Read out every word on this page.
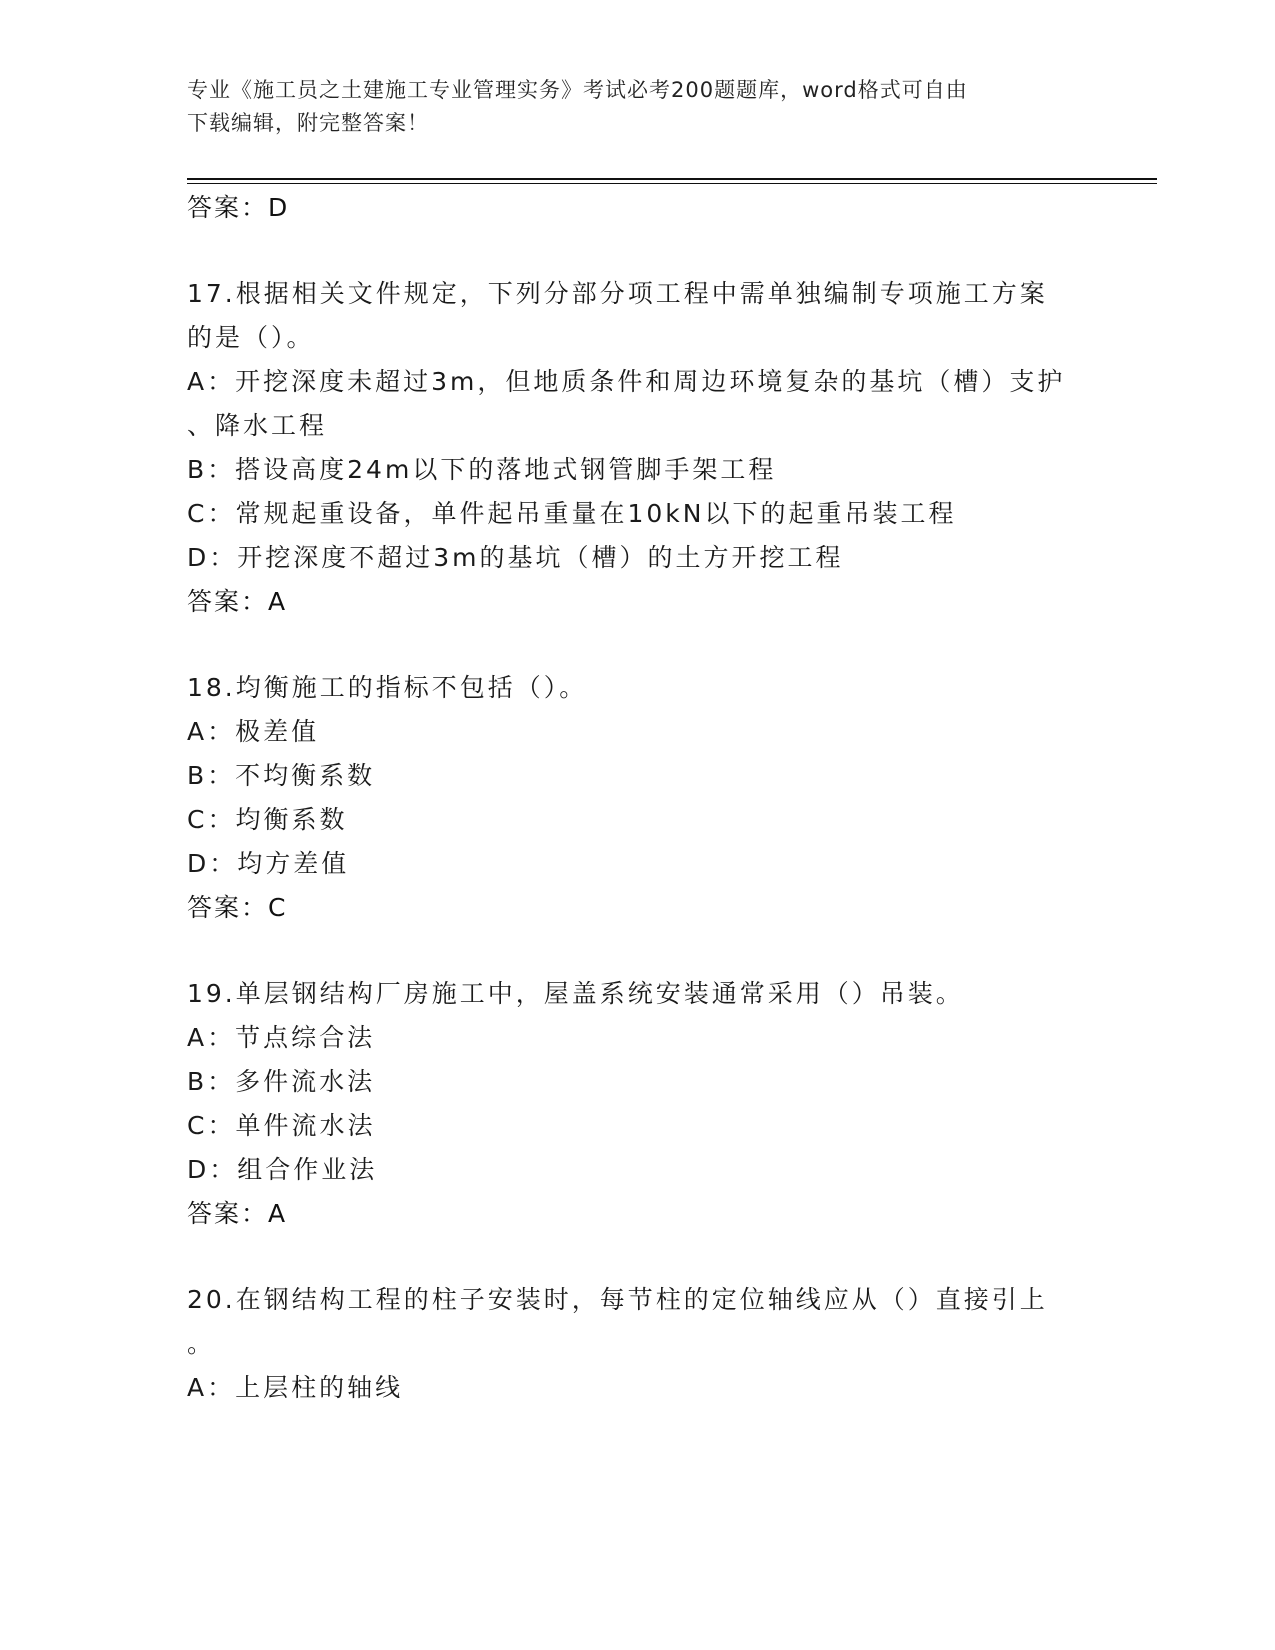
专业《施工员之土建施工专业管理实务》考试必考200题题库，word格式可自由
下载编辑，附完整答案！
答案：D
17.根据相关文件规定，下列分部分项工程中需单独编制专项施工方案
的是（）。
A：开挖深度未超过3m，但地质条件和周边环境复杂的基坑（槽）支护
、降水工程
B：搭设高度24m以下的落地式钢管脚手架工程
C：常规起重设备，单件起吊重量在10kN以下的起重吊装工程
D：开挖深度不超过3m的基坑（槽）的土方开挖工程
答案：A
18.均衡施工的指标不包括（）。
A：极差值
B：不均衡系数
C：均衡系数
D：均方差值
答案：C
19.单层钢结构厂房施工中，屋盖系统安装通常采用（）吊装。
A：节点综合法
B：多件流水法
C：单件流水法
D：组合作业法
答案：A
20.在钢结构工程的柱子安装时，每节柱的定位轴线应从（）直接引上
。
A：上层柱的轴线
